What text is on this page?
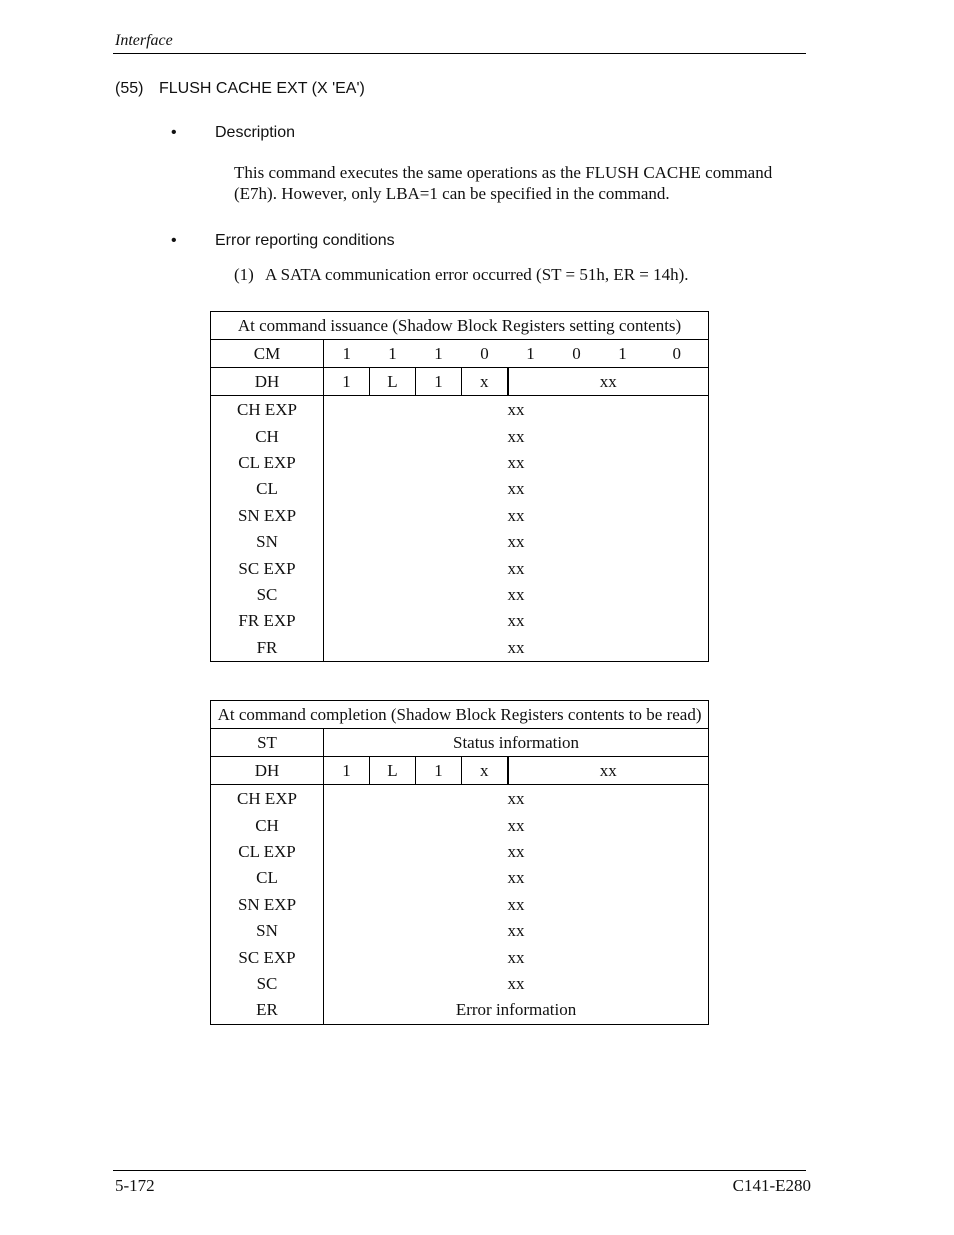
Interface
(55) FLUSH CACHE EXT (X 'EA')
• Description
This command executes the same operations as the FLUSH CACHE command (E7h). However, only LBA=1 can be specified in the command.
• Error reporting conditions
(1) A SATA communication error occurred (ST = 51h, ER = 14h).
At command issuance (Shadow Block Registers setting contents)								
CM	1	1	1	0	1	0	1	0
DH	1	L	1	x	xx			
CH EXP	xx							
CH	xx							
CL EXP	xx							
CL	xx							
SN EXP	xx							
SN	xx							
SC EXP	xx							
SC	xx							
FR EXP	xx							
FR	xx							
At command completion (Shadow Block Registers contents to be read)					
ST	Status information				
DH	1	L	1	x	xx
CH EXP	xx				
CH	xx				
CL EXP	xx				
CL	xx				
SN EXP	xx				
SN	xx				
SC EXP	xx				
SC	xx				
ER	Error information				
5-172	C141-E280
